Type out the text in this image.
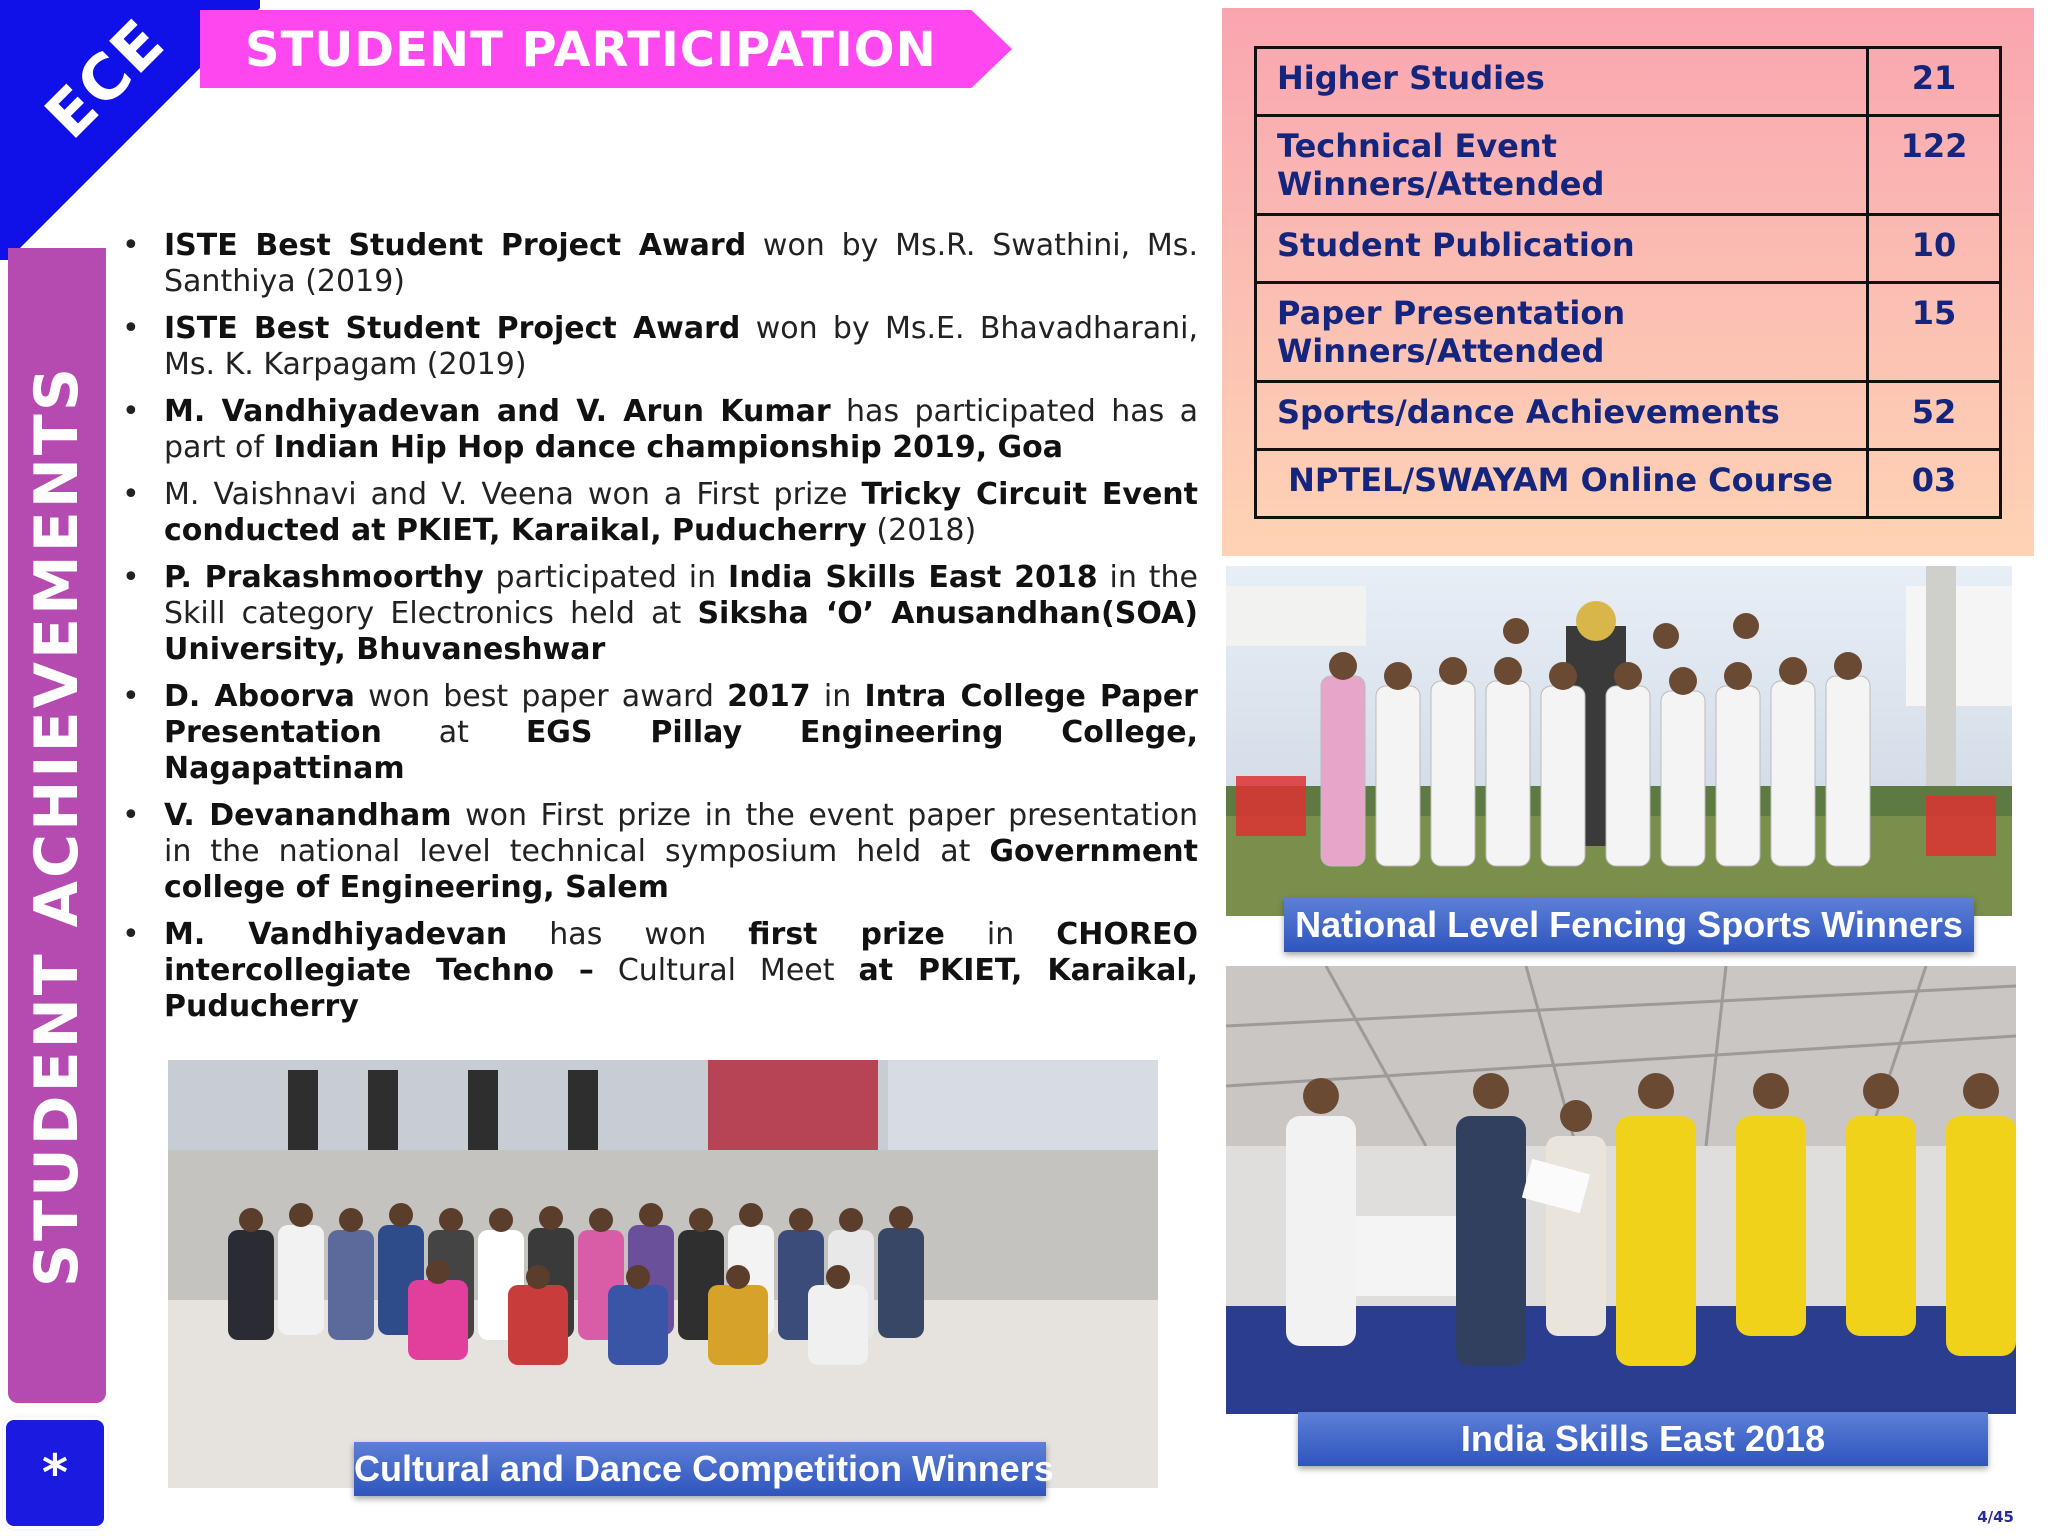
ECE STUDENT PARTICIPATION
STUDENT ACHIEVEMENTS
*
• ISTE Best Student Project Award won by Ms.R. Swathini, Ms. Santhiya (2019)
• ISTE Best Student Project Award won by Ms.E. Bhavadharani, Ms. K. Karpagam (2019)
• M. Vandhiyadevan and V. Arun Kumar has participated has a part of Indian Hip Hop dance championship 2019, Goa
• M. Vaishnavi and V. Veena won a First prize Tricky Circuit Event conducted at PKIET, Karaikal, Puducherry (2018)
• P. Prakashmoorthy participated in India Skills East 2018 in the Skill category Electronics held at Siksha ‘O’ Anusandhan(SOA) University, Bhuvaneshwar
• D. Aboorva won best paper award 2017 in Intra College Paper Presentation at EGS Pillay Engineering College, Nagapattinam
• V. Devanandham won First prize in the event paper presentation in the national level technical symposium held at Government college of Engineering, Salem
• M. Vandhiyadevan has won first prize in CHOREO intercollegiate Techno – Cultural Meet at PKIET, Karaikal, Puducherry
Higher Studies	21
Technical Event Winners/Attended	122
Student Publication	10
Paper Presentation Winners/Attended	15
Sports/dance Achievements	52
NPTEL/SWAYAM Online Course	03
National Level Fencing Sports Winners
India Skills East 2018
Cultural and Dance Competition Winners
4/45
